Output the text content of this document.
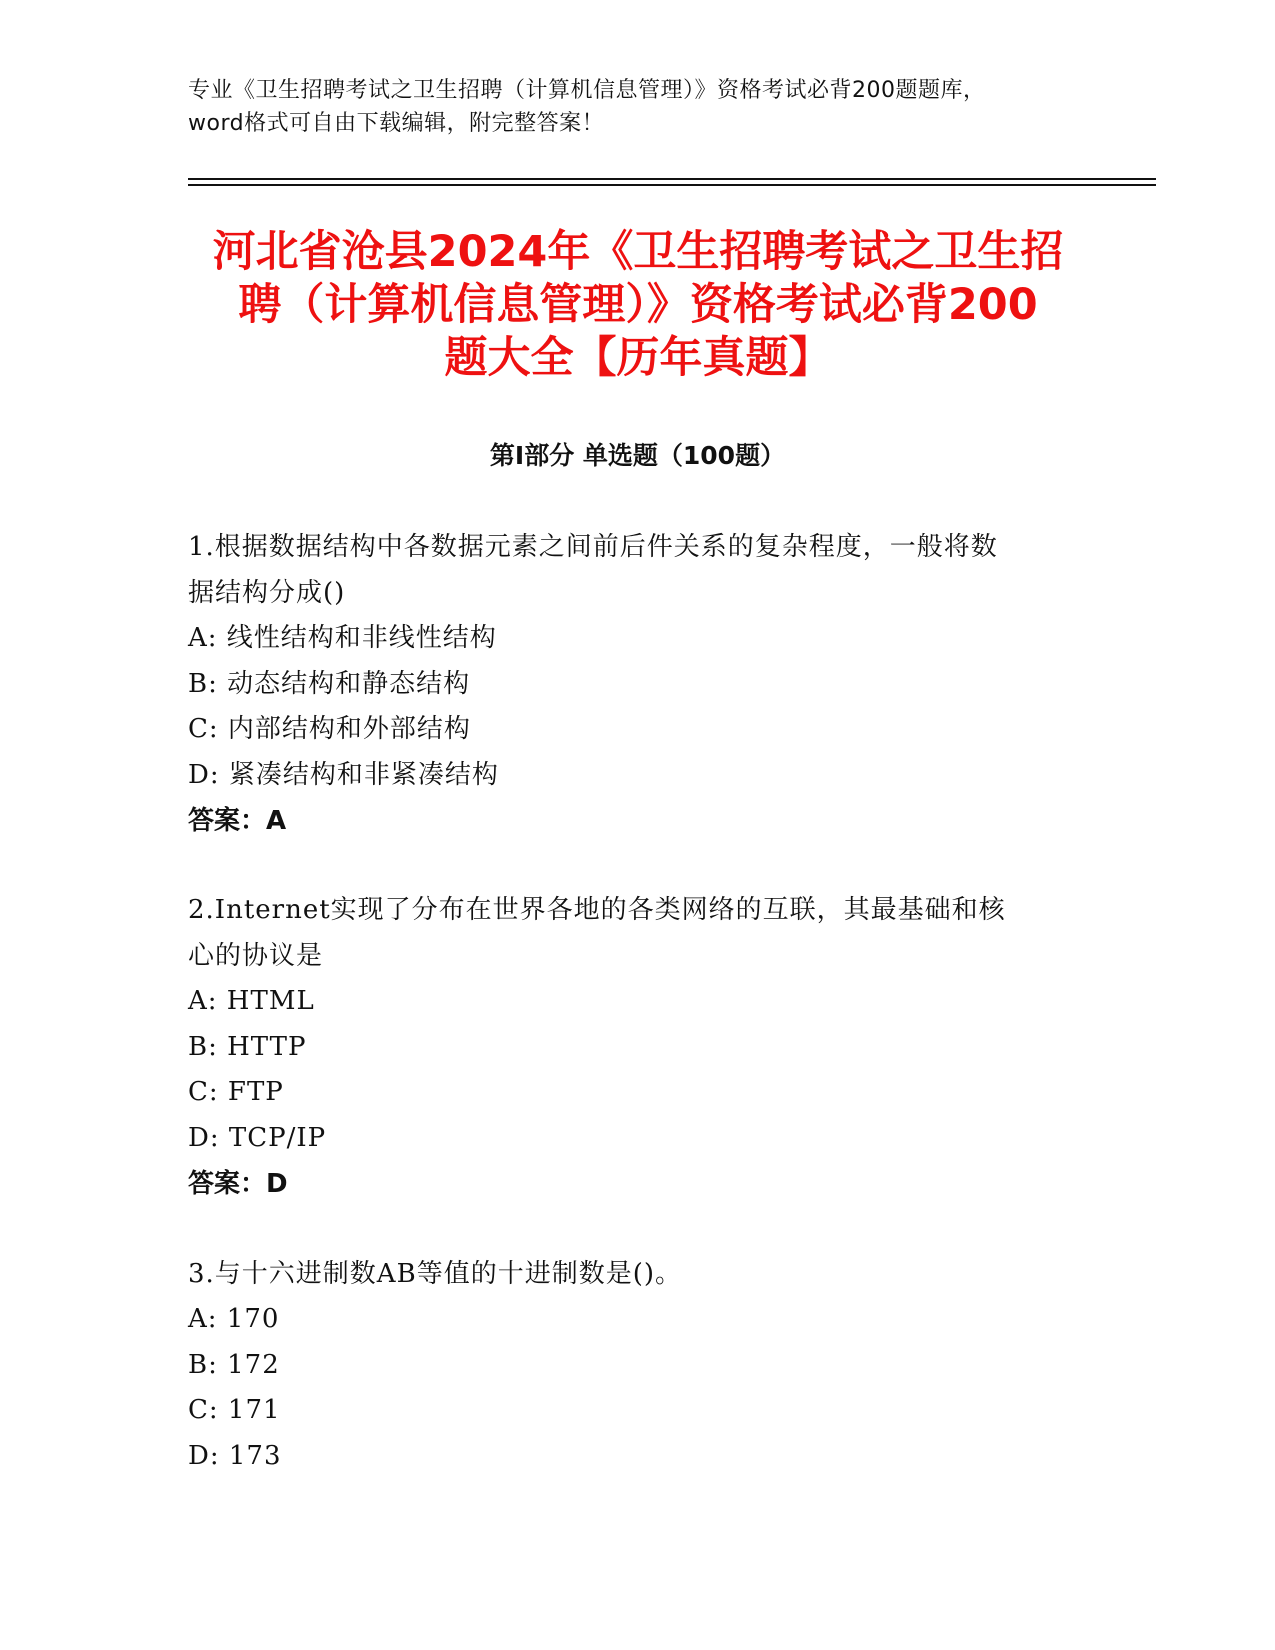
专业《卫生招聘考试之卫生招聘（计算机信息管理）》资格考试必背200题题库，
word格式可自由下载编辑，附完整答案！
河北省沧县2024年《卫生招聘考试之卫生招
聘（计算机信息管理）》资格考试必背200
题大全【历年真题】
第I部分 单选题（100题）
1.根据数据结构中各数据元素之间前后件关系的复杂程度，一般将数
据结构分成()
A: 线性结构和非线性结构
B: 动态结构和静态结构
C: 内部结构和外部结构
D: 紧凑结构和非紧凑结构
答案：A
2.Internet实现了分布在世界各地的各类网络的互联，其最基础和核
心的协议是
A: HTML
B: HTTP
C: FTP
D: TCP/IP
答案：D
3.与十六进制数AB等值的十进制数是()。
A: 170
B: 172
C: 171
D: 173
